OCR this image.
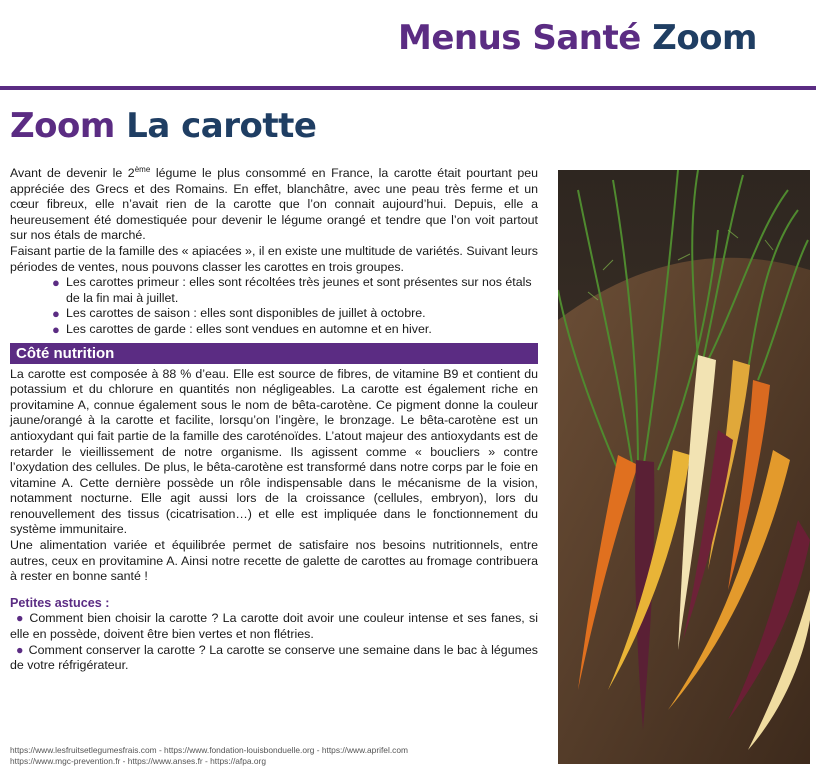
Menus Santé Zoom
Zoom La carotte

Avant de devenir le 2ème légume le plus consommé en France, la carotte était pourtant peu appréciée des Grecs et des Romains. En effet, blanchâtre, avec une peau très ferme et un cœur fibreux, elle n’avait rien de la carotte que l’on connait aujourd’hui. Depuis, elle a heureusement été domestiquée pour devenir le légume orangé et tendre que l’on voit partout sur nos étals de marché.

Faisant partie de la famille des « apiacées », il en existe une multitude de variétés. Suivant leurs périodes de ventes, nous pouvons classer les carottes en trois groupes.

● Les carottes primeur : elles sont récoltées très jeunes et sont présentes sur nos étals de la fin mai à juillet.
● Les carottes de saison : elles sont disponibles de juillet à octobre.
● Les carottes de garde : elles sont vendues en automne et en hiver.
Côté nutrition

La carotte est composée à 88 % d’eau. Elle est source de fibres, de vitamine B9 et contient du potassium et du chlorure en quantités non négligeables. La carotte est également riche en provitamine A, connue également sous le nom de bêta-carotène. Ce pigment donne la couleur jaune/orangé à la carotte et facilite, lorsqu’on l’ingère, le bronzage. Le bêta-carotène est un antioxydant qui fait partie de la famille des caroténoïdes. L’atout majeur des antioxydants est de retarder le vieillissement de notre organisme. Ils agissent comme « boucliers » contre l’oxydation des cellules. De plus, le bêta-carotène est transformé dans notre corps par le foie en vitamine A. Cette dernière possède un rôle indispensable dans le mécanisme de la vision, notamment nocturne. Elle agit aussi lors de la croissance (cellules, embryon), lors du renouvellement des tissus (cicatrisation…) et elle est impliquée dans le fonctionnement du système immunitaire.

Une alimentation variée et équilibrée permet de satisfaire nos besoins nutritionnels, entre autres, ceux en provitamine A. Ainsi notre recette de galette de carottes au fromage contribuera à rester en bonne santé !

Petites astuces :
● Comment bien choisir la carotte ? La carotte doit avoir une couleur intense et ses fanes, si elle en possède, doivent être bien vertes et non flétries.
● Comment conserver la carotte ? La carotte se conserve une semaine dans le bac à légumes de votre réfrigérateur.
https://www.lesfruitsetlegumesfrais.com - https://www.fondation-louisbonduelle.org - https://www.aprifel.com
https://www.mgc-prevention.fr - https://www.anses.fr - https://afpa.org
